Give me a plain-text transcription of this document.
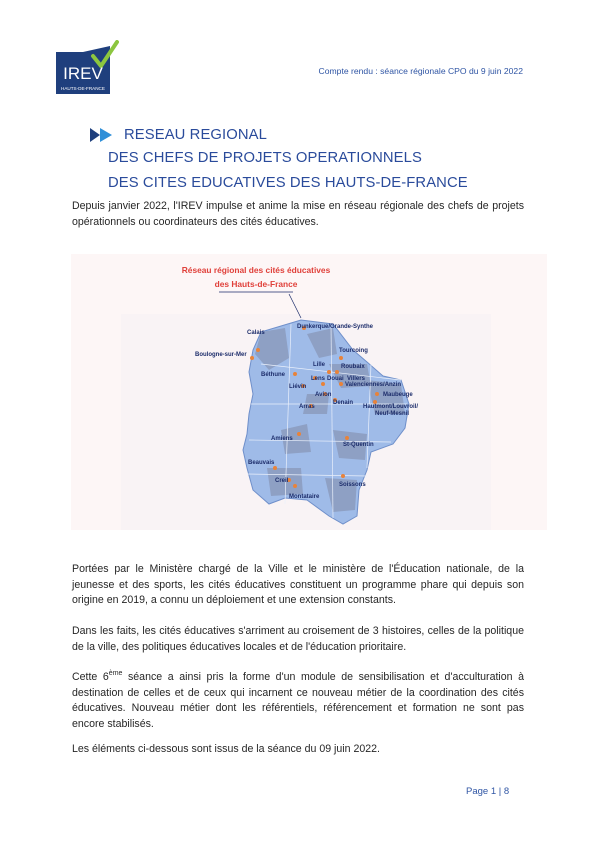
IREV
HAUTS-DE-FRANCE
Compte rendu : séance régionale CPO du 9 juin 2022
RESEAU REGIONAL
DES CHEFS DE PROJETS OPERATIONNELS
DES CITES EDUCATIVES DES HAUTS-DE-FRANCE

Depuis janvier 2022, l'IREV impulse et anime la mise en réseau régionale des chefs de projets opérationnels ou coordinateurs des cités éducatives.

Réseau régional des cités éducatives
des Hauts-de-France
Dunkerque/Grande-Synthe
Calais
Boulogne-sur-Mer
Tourcoing
Lille	Roubaix
Béthune
Lens Douai Villers
Liévin	Valenciennes/Anzin
Avion
Denain
Arras
Maubeuge
Hautmont/Louvroil/
Neuf-Mesnil
Amiens
St-Quentin
Beauvais
Creil
Soissons
Montataire

Portées par le Ministère chargé de la Ville et le ministère de l'Éducation nationale, de la jeunesse et des sports, les cités éducatives constituent un programme phare qui depuis son origine en 2019, a connu un déploiement et une extension constants.

Dans les faits, les cités éducatives s'arriment au croisement de 3 histoires, celles de la politique de la ville, des politiques éducatives locales et de l'éducation prioritaire.

Cette 6ème séance a ainsi pris la forme d'un module de sensibilisation et d'acculturation à destination de celles et de ceux qui incarnent ce nouveau métier de la coordination des cités éducatives. Nouveau métier dont les référentiels, référencement et formation ne sont pas encore stabilisés.

Les éléments ci-dessous sont issus de la séance du 09 juin 2022.

Page 1 | 8
